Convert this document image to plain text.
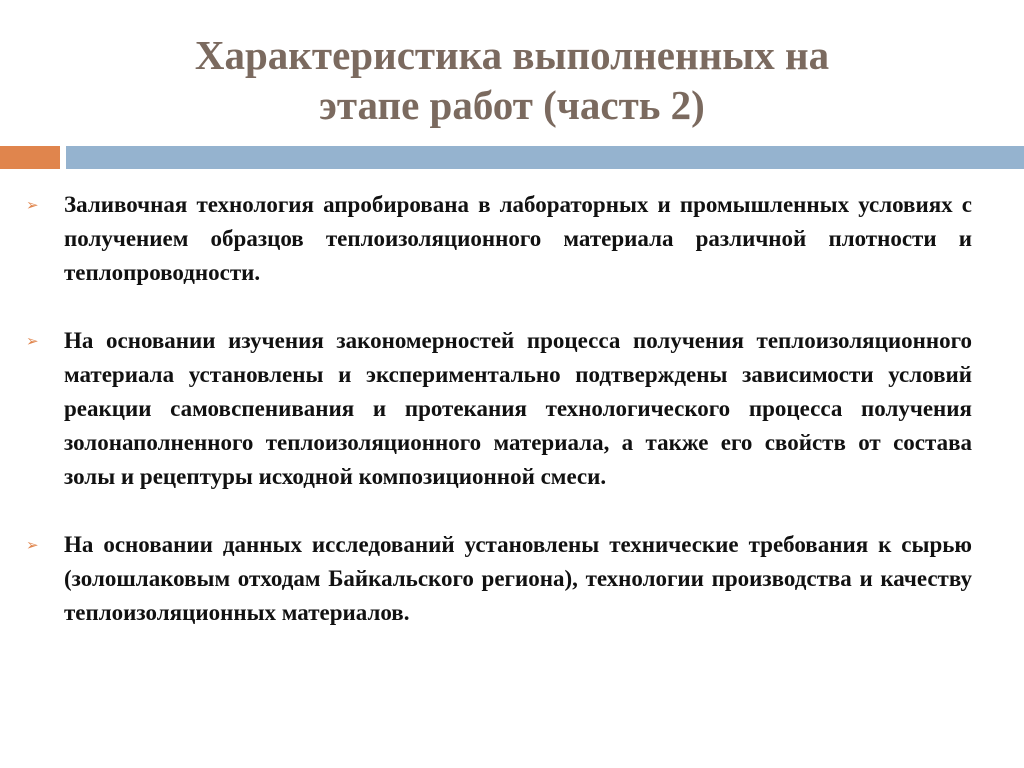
Характеристика выполненных на
этапе работ (часть 2)
➢	Заливочная технология апробирована в лабораторных и промышленных условиях с получением образцов теплоизоляционного материала различной плотности и теплопроводности.
➢	На основании изучения закономерностей процесса получения теплоизоляционного материала установлены и экспериментально подтверждены зависимости условий реакции самовспенивания и протекания технологического процесса получения золонаполненного теплоизоляционного материала, а также его свойств от состава золы и рецептуры исходной композиционной смеси.
➢	На основании данных исследований установлены технические требования к сырью (золошлаковым отходам Байкальского региона), технологии производства и качеству теплоизоляционных материалов.
